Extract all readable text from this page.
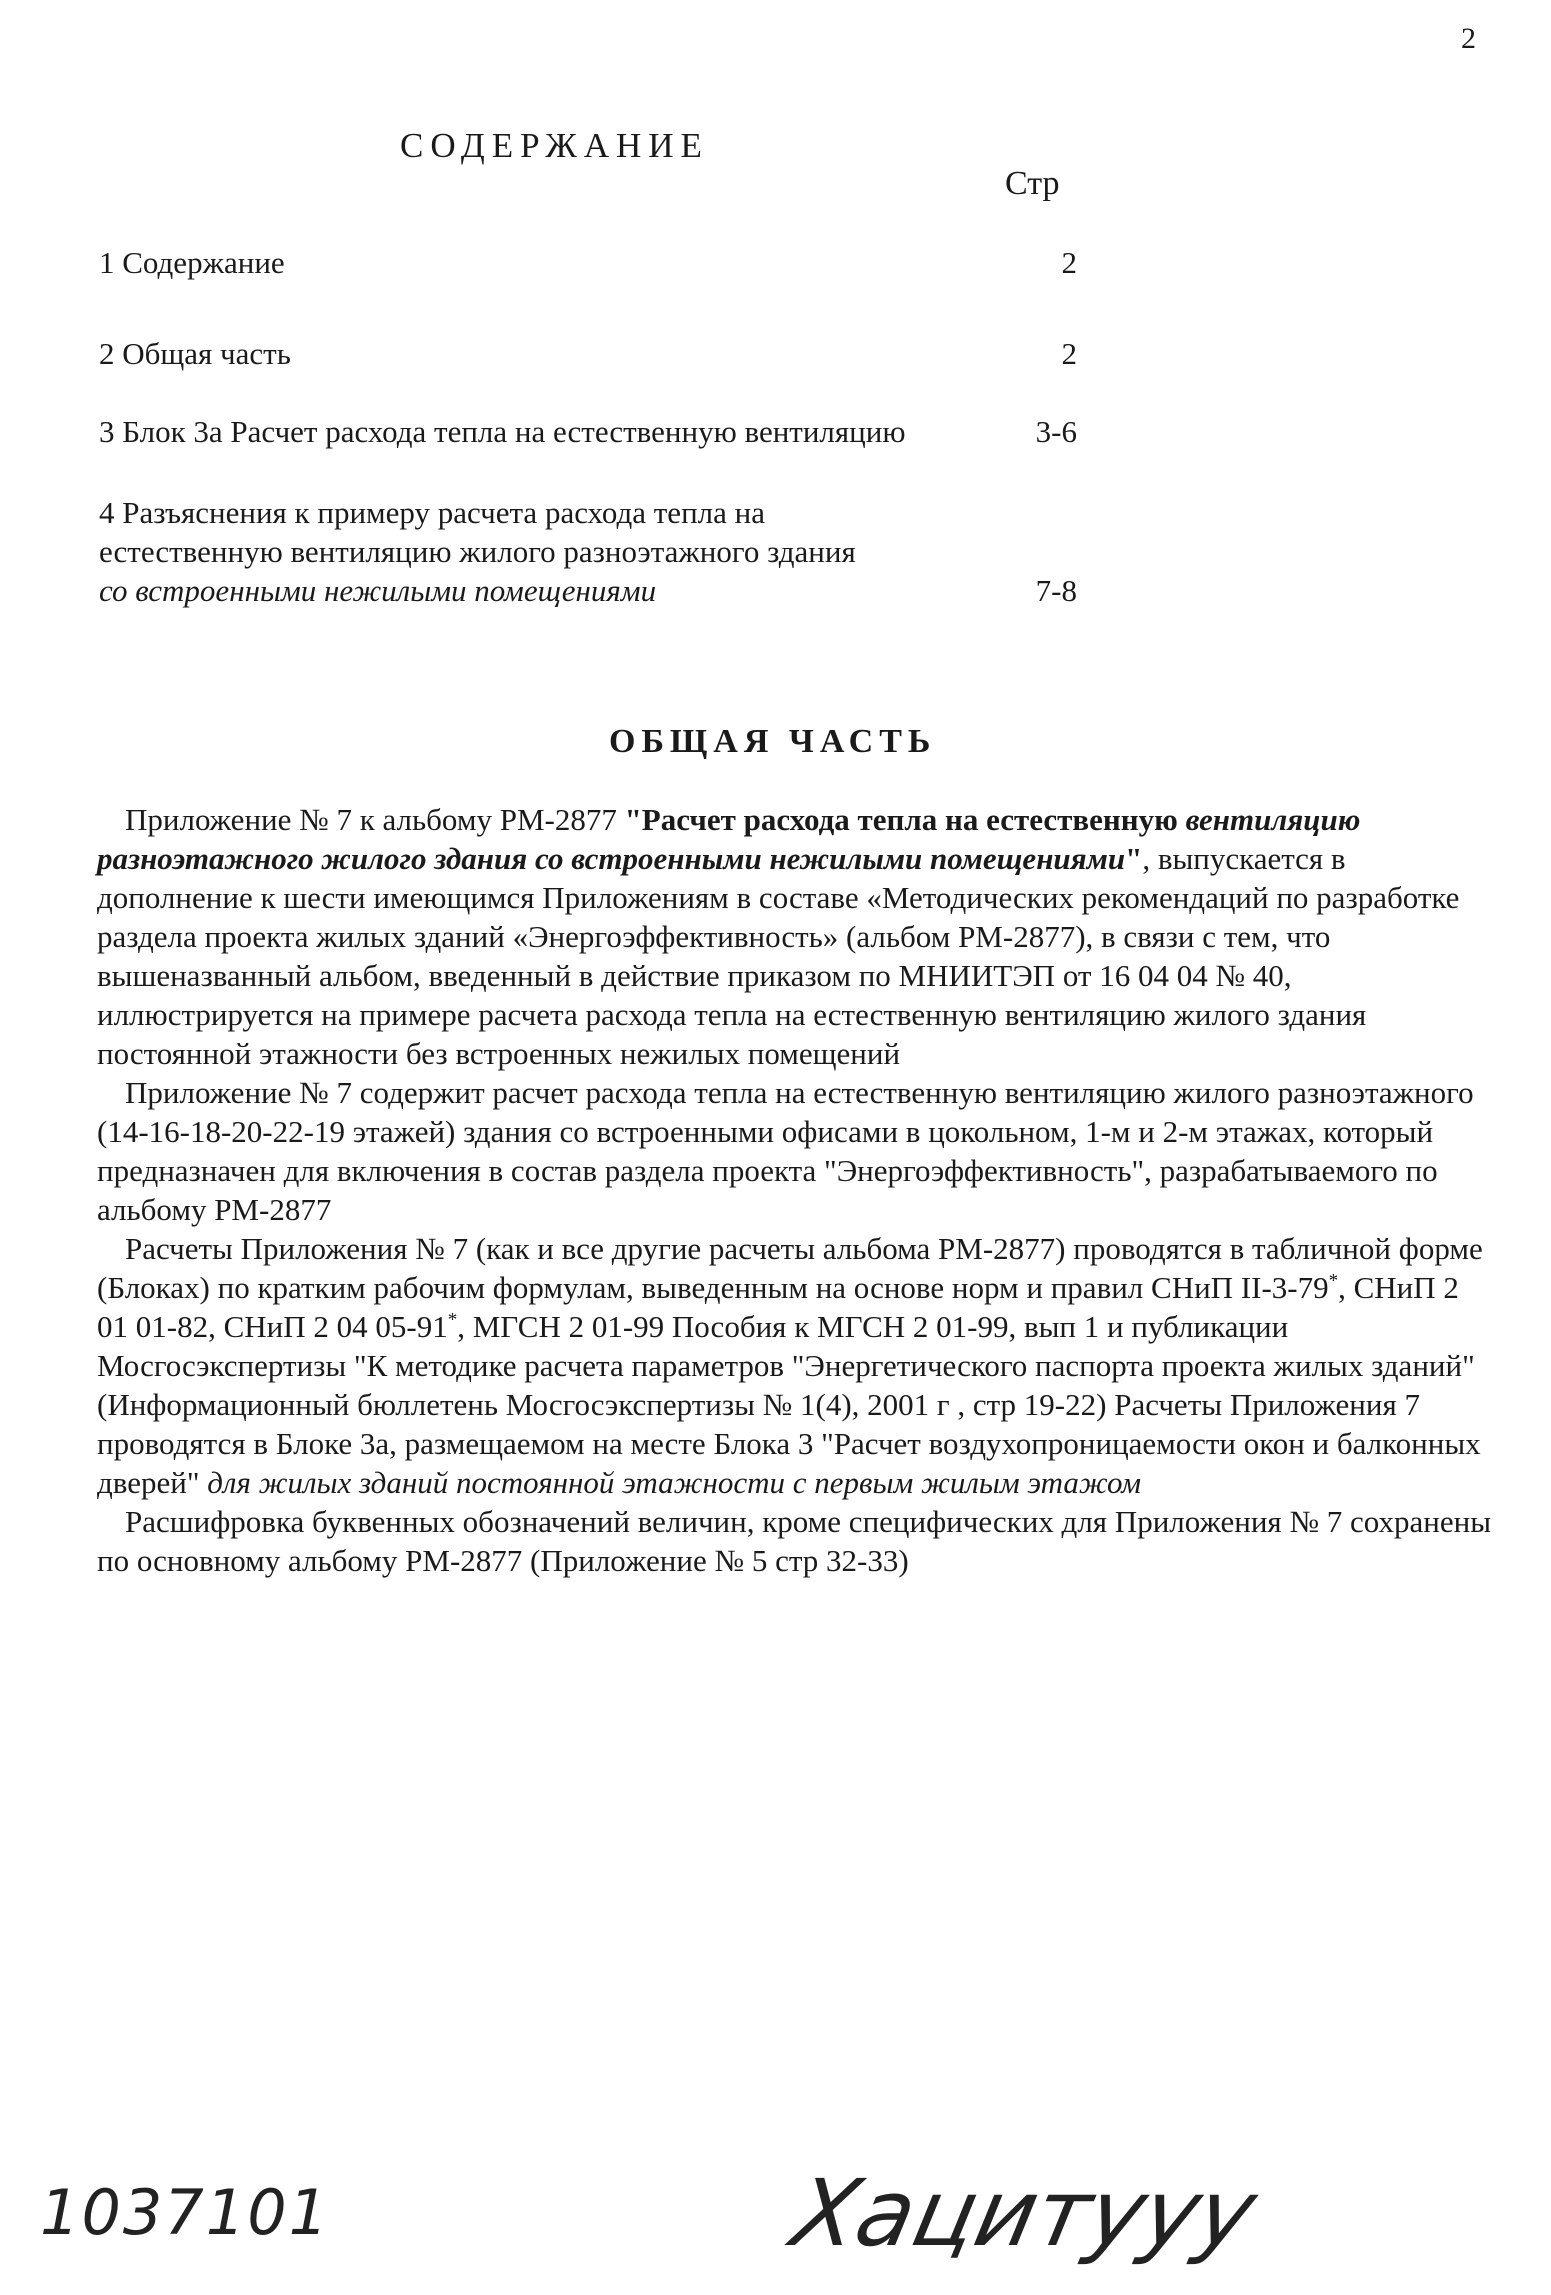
2
СОДЕРЖАНИЕ
Стр
1 Содержание	2
2 Общая часть	2
3 Блок 3а Расчет расхода тепла на естественную вентиляцию	3-6
4 Разъяснения к примеру расчета расхода тепла на
естественную вентиляцию жилого разноэтажного здания
со встроенными нежилыми помещениями	7-8
ОБЩАЯ ЧАСТЬ

Приложение № 7 к альбому РМ-2877 "Расчет расхода тепла на естественную вентиляцию разноэтажного жилого здания со встроенными нежилыми помещениями", выпускается в дополнение к шести имеющимся Приложениям в составе «Методических рекомендаций по разработке раздела проекта жилых зданий «Энергоэффективность» (альбом РМ-2877), в связи с тем, что вышеназванный альбом, введенный в действие приказом по МНИИТЭП от 16 04 04 № 40, иллюстрируется на примере расчета расхода тепла на естественную вентиляцию жилого здания постоянной этажности без встроенных нежилых помещений

Приложение № 7 содержит расчет расхода тепла на естественную вентиляцию жилого разноэтажного (14-16-18-20-22-19 этажей) здания со встроенными офисами в цокольном, 1-м и 2-м этажах, который предназначен для включения в состав раздела проекта "Энергоэффективность", разрабатываемого по альбому РМ-2877

Расчеты Приложения № 7 (как и все другие расчеты альбома РМ-2877) проводятся в табличной форме (Блоках) по кратким рабочим формулам, выведенным на основе норм и правил СНиП II-3-79*, СНиП 2 01 01-82, СНиП 2 04 05-91*, МГСН 2 01-99 Пособия к МГСН 2 01-99, вып 1 и публикации Мосгосэкспертизы "К методике расчета параметров "Энергетического паспорта проекта жилых зданий" (Информационный бюллетень Мосгосэкспертизы № 1(4), 2001 г , стр 19-22) Расчеты Приложения 7 проводятся в Блоке 3а, размещаемом на месте Блока 3 "Расчет воздухопроницаемости окон и балконных дверей" для жилых зданий постоянной этажности с первым жилым этажом

Расшифровка буквенных обозначений величин, кроме специфических для Приложения № 7 сохранены по основному альбому РМ-2877 (Приложение № 5 стр 32-33)

1037101	Хацитууу
